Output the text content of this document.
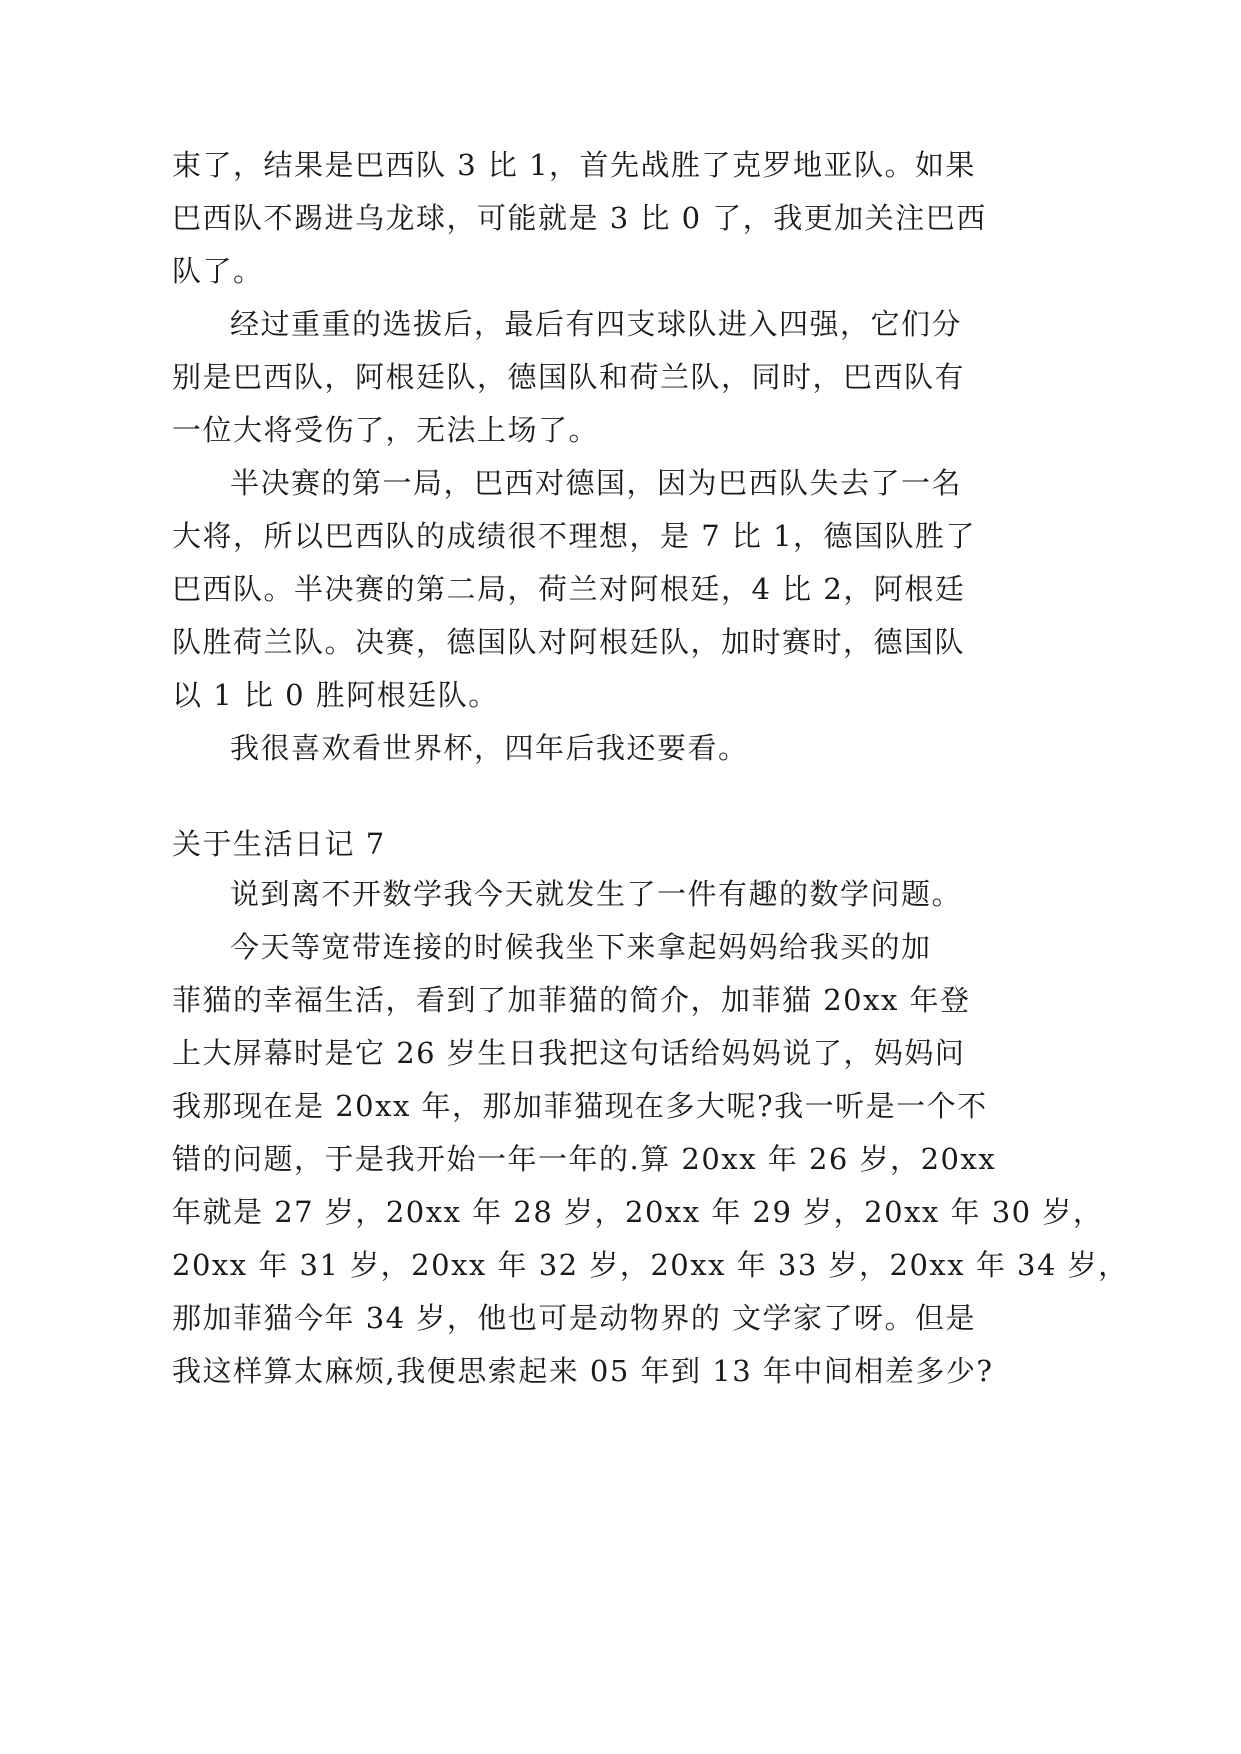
束了，结果是巴西队 3 比 1，首先战胜了克罗地亚队。如果
巴西队不踢进乌龙球，可能就是 3 比 0 了，我更加关注巴西
队了。
经过重重的选拔后，最后有四支球队进入四强，它们分
别是巴西队，阿根廷队，德国队和荷兰队，同时，巴西队有
一位大将受伤了，无法上场了。
半决赛的第一局，巴西对德国，因为巴西队失去了一名
大将，所以巴西队的成绩很不理想，是 7 比 1，德国队胜了
巴西队。半决赛的第二局，荷兰对阿根廷，4 比 2，阿根廷
队胜荷兰队。决赛，德国队对阿根廷队，加时赛时，德国队
以 1 比 0 胜阿根廷队。
我很喜欢看世界杯，四年后我还要看。
关于生活日记 7
说到离不开数学我今天就发生了一件有趣的数学问题。
今天等宽带连接的时候我坐下来拿起妈妈给我买的加
菲猫的幸福生活，看到了加菲猫的简介，加菲猫 20xx 年登
上大屏幕时是它 26 岁生日我把这句话给妈妈说了，妈妈问
我那现在是 20xx 年，那加菲猫现在多大呢?我一听是一个不
错的问题，于是我开始一年一年的.算 20xx 年 26 岁，20xx
年就是 27 岁，20xx 年 28 岁，20xx 年 29 岁，20xx 年 30 岁，
20xx 年 31 岁，20xx 年 32 岁，20xx 年 33 岁，20xx 年 34 岁，
那加菲猫今年 34 岁，他也可是动物界的 文学家了呀。但是
我这样算太麻烦,我便思索起来 05 年到 13 年中间相差多少?
